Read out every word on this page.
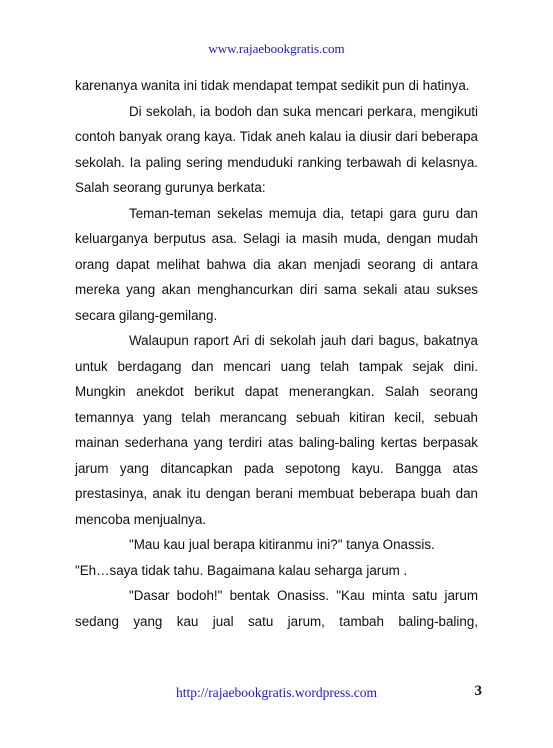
www.rajaebookgratis.com

karenanya wanita ini tidak mendapat tempat sedikit pun di hatinya.

Di sekolah, ia bodoh dan suka mencari perkara, mengikuti contoh banyak orang kaya. Tidak aneh kalau ia diusir dari beberapa sekolah. Ia paling sering menduduki ranking terbawah di kelasnya. Salah seorang gurunya berkata:

Teman-teman sekelas memuja dia, tetapi gara guru dan keluarganya berputus asa. Selagi ia masih muda, dengan mudah orang dapat melihat bahwa dia akan menjadi seorang di antara mereka yang akan menghancurkan diri sama sekali atau sukses secara gilang-gemilang.

Walaupun raport Ari di sekolah jauh dari bagus, bakatnya untuk berdagang dan mencari uang telah tampak sejak dini. Mungkin anekdot berikut dapat menerangkan. Salah seorang temannya yang telah merancang sebuah kitiran kecil, sebuah mainan sederhana yang terdiri atas baling-baling kertas berpasak jarum yang ditancapkan pada sepotong kayu. Bangga atas prestasinya, anak itu dengan berani membuat beberapa buah dan mencoba menjualnya.

"Mau kau jual berapa kitiranmu ini?" tanya Onassis.

"Eh…saya tidak tahu. Bagaimana kalau seharga jarum .

"Dasar bodoh!" bentak Onasiss. "Kau minta satu jarum sedang yang kau jual satu jarum, tambah baling-baling,

http://rajaebookgratis.wordpress.com	3
